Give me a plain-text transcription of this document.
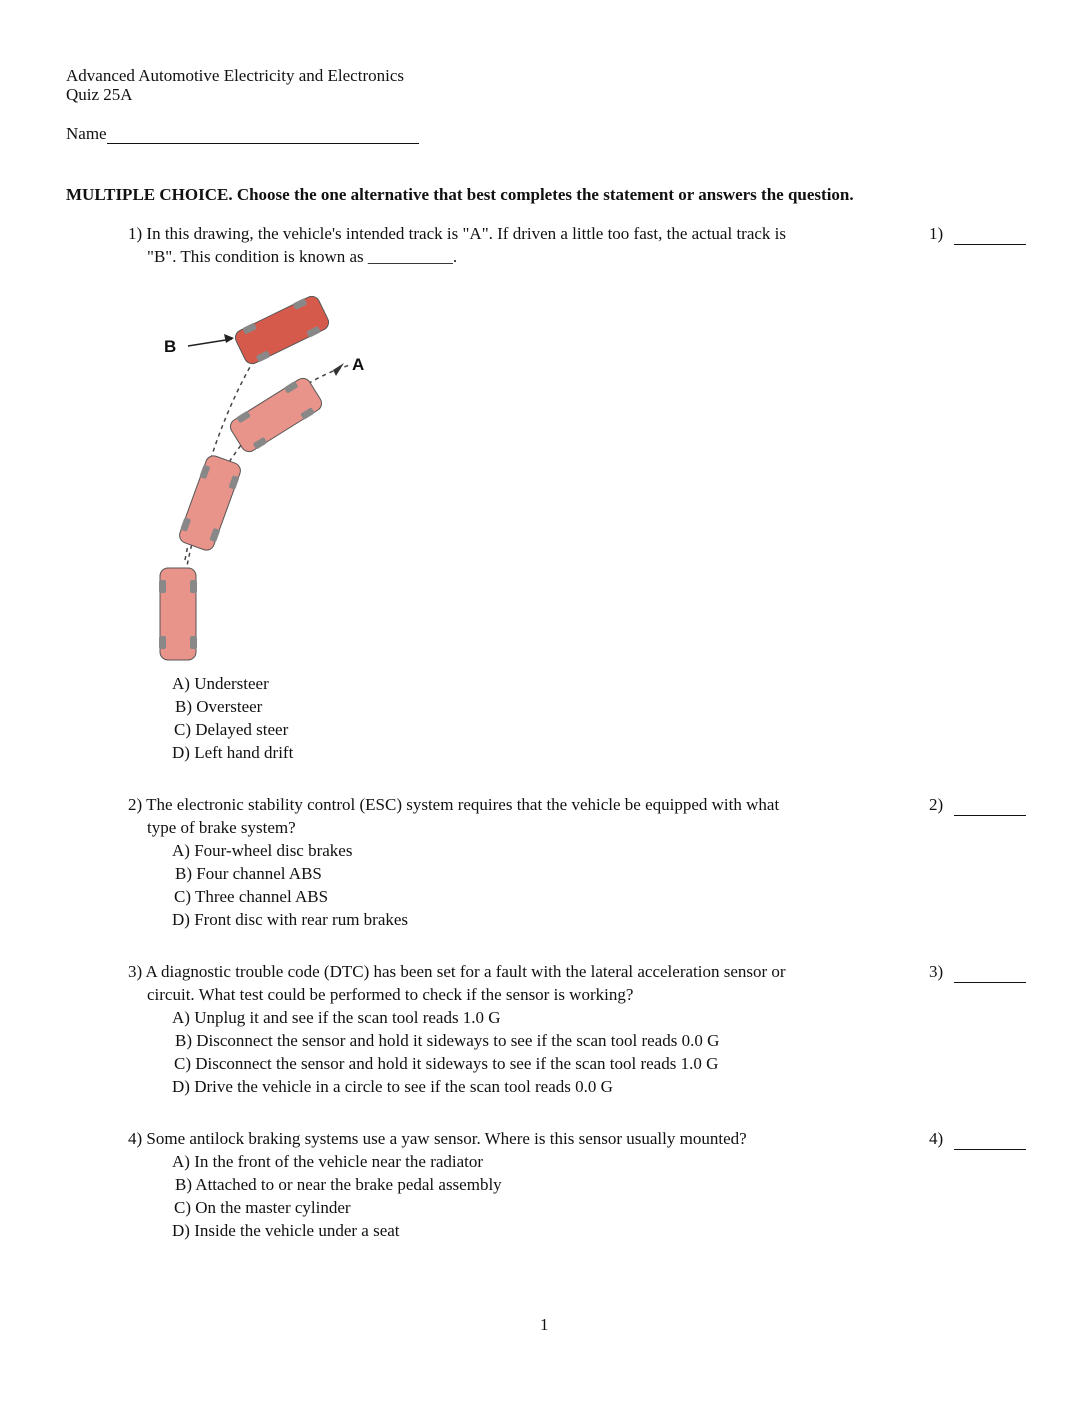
Advanced Automotive Electricity and Electronics
Quiz 25A
Name
MULTIPLE CHOICE. Choose the one alternative that best completes the statement or answers the question.
1) In this drawing, the vehicle's intended track is "A". If driven a little too fast, the actual track is
"B". This condition is known as __________.
1)
B
A
A) Understeer
B) Oversteer
C) Delayed steer
D) Left hand drift
2) The electronic stability control (ESC) system requires that the vehicle be equipped with what
type of brake system?
2)
A) Four-wheel disc brakes
B) Four channel ABS
C) Three channel ABS
D) Front disc with rear rum brakes
3) A diagnostic trouble code (DTC) has been set for a fault with the lateral acceleration sensor or
circuit. What test could be performed to check if the sensor is working?
3)
A) Unplug it and see if the scan tool reads 1.0 G
B) Disconnect the sensor and hold it sideways to see if the scan tool reads 0.0 G
C) Disconnect the sensor and hold it sideways to see if the scan tool reads 1.0 G
D) Drive the vehicle in a circle to see if the scan tool reads 0.0 G
4) Some antilock braking systems use a yaw sensor. Where is this sensor usually mounted?	4)
A) In the front of the vehicle near the radiator
B) Attached to or near the brake pedal assembly
C) On the master cylinder
D) Inside the vehicle under a seat
1
